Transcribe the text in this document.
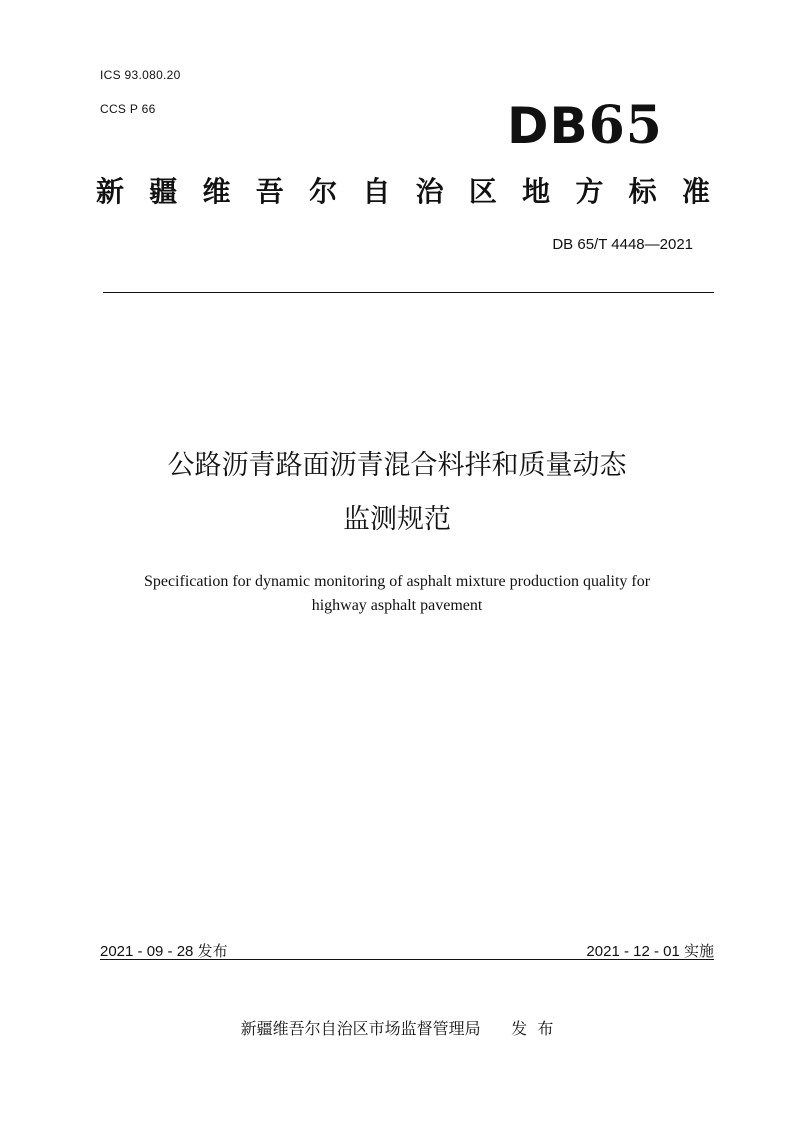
ICS 93.080.20
CCS P 66	DB65
新 疆 维 吾 尔 自 治 区 地 方 标 准
DB 65/T 4448—2021
公路沥青路面沥青混合料拌和质量动态
监测规范
Specification for dynamic monitoring of asphalt mixture production quality for
highway asphalt pavement
2021 - 09 - 28 发布	2021 - 12 - 01 实施
新疆维吾尔自治区市场监督管理局      发  布
